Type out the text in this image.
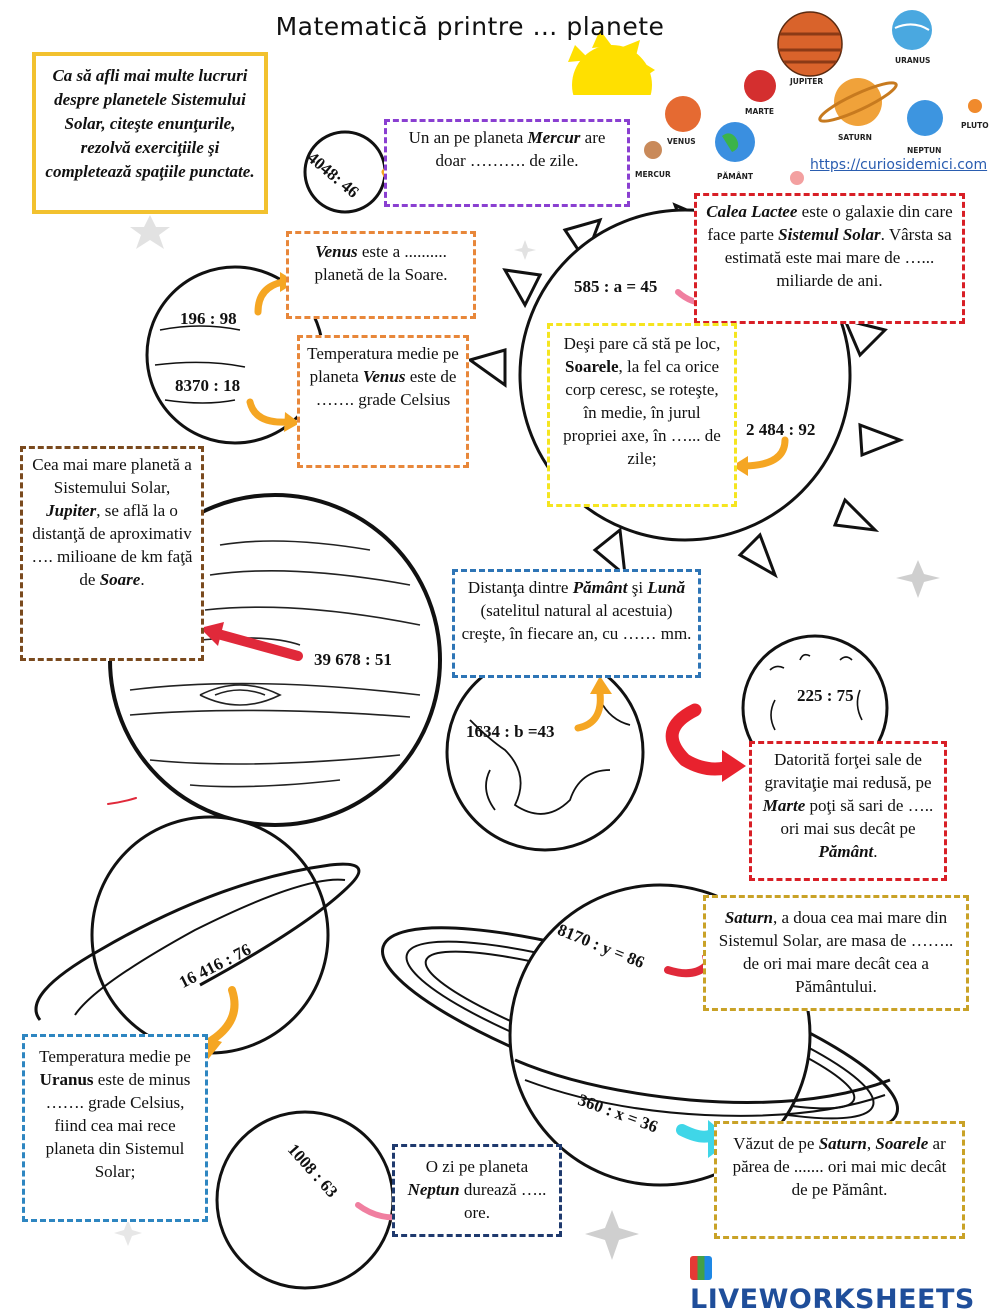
Matematică printre … planete
Ca să afli mai multe lucruri despre planetele Sistemului Solar, citeşte enunţurile, rezolvă exerciţiile şi completează spaţiile punctate.
JUPITER
URANUS
MARTE
SATURN
VENUS
PLUTO
NEPTUN
MERCUR	PĂMÂNT
https://curiosidemici.com
4048: 46
585 : a = 45
196 : 98
8370 : 18
2 484 : 92
39 678 : 51
1634 : b =43
225 : 75
16 416 : 76	8170 : y = 86
360 : x = 36
1008 : 63
Un an pe planeta Mercur are doar ………. de zile.
Calea Lactee este o galaxie din care face parte Sistemul Solar. Vârsta sa estimată este mai mare de …... miliarde de ani.
Venus este a .......... planetă de la Soare.
Temperatura medie pe planeta Venus este de ……. grade Celsius
Deşi pare că stă pe loc, Soarele, la fel ca orice corp ceresc, se roteşte, în medie, în jurul propriei axe, în …... de zile;
Cea mai mare planetă a Sistemului Solar, Jupiter, se află la o distanţă de aproximativ …. milioane de km faţă de Soare.	Distanţa dintre Pământ şi Lună (satelitul natural al acestuia) creşte, în fiecare an, cu …… mm.
Datorită forţei sale de gravitaţie mai redusă, pe Marte poţi să sari de ….. ori mai sus decât pe Pământ.
Saturn, a doua cea mai mare din Sistemul Solar, are masa de …….. de ori mai mare decât cea a Pământului.
Temperatura medie pe Uranus este de minus ……. grade Celsius, fiind cea mai rece planeta din Sistemul Solar;	O zi pe planeta Neptun durează ….. ore.
Văzut de pe Saturn, Soarele ar părea de ....... ori mai mic decât de pe Pământ.
LIVEWORKSHEETS
